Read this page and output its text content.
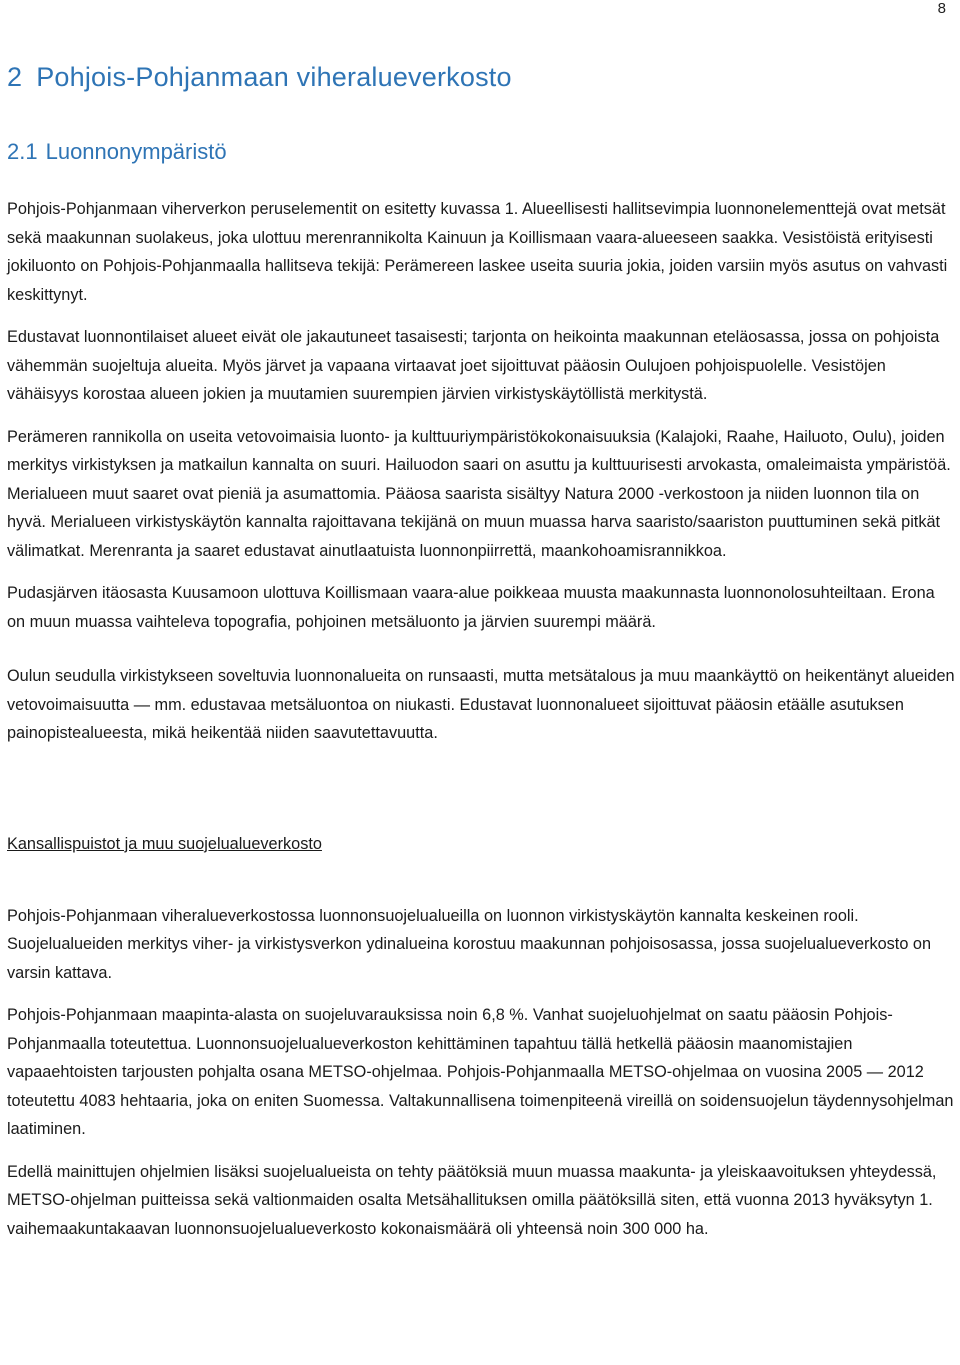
8
2 Pohjois-Pohjanmaan viheralueverkosto
2.1 Luonnonympäristö

Pohjois-Pohjanmaan viherverkon peruselementit on esitetty kuvassa 1. Alueellisesti hallitsevimpia luonnonelementtejä ovat metsät sekä maakunnan suolakeus, joka ulottuu merenrannikolta Kainuun ja Koillismaan vaara-alueeseen saakka. Vesistöistä erityisesti jokiluonto on Pohjois-Pohjanmaalla hallitseva tekijä: Perämereen laskee useita suuria jokia, joiden varsiin myös asutus on vahvasti keskittynyt.

Edustavat luonnontilaiset alueet eivät ole jakautuneet tasaisesti; tarjonta on heikointa maakunnan eteläosassa, jossa on pohjoista vähemmän suojeltuja alueita. Myös järvet ja vapaana virtaavat joet sijoittuvat pääosin Oulujoen pohjoispuolelle. Vesistöjen vähäisyys korostaa alueen jokien ja muutamien suurempien järvien virkistyskäytöllistä merkitystä.

Perämeren rannikolla on useita vetovoimaisia luonto- ja kulttuuriympäristökokonaisuuksia (Kalajoki, Raahe, Hailuoto, Oulu), joiden merkitys virkistyksen ja matkailun kannalta on suuri. Hailuodon saari on asuttu ja kulttuurisesti arvokasta, omaleimaista ympäristöä. Merialueen muut saaret ovat pieniä ja asumattomia. Pääosa saarista sisältyy Natura 2000 -verkostoon ja niiden luonnon tila on hyvä. Merialueen virkistyskäytön kannalta rajoittavana tekijänä on muun muassa harva saaristo/saariston puuttuminen sekä pitkät välimatkat. Merenranta ja saaret edustavat ainutlaatuista luonnonpiirrettä, maankohoamisrannikkoa.

Pudasjärven itäosasta Kuusamoon ulottuva Koillismaan vaara-alue poikkeaa muusta maakunnasta luonnonolosuhteiltaan. Erona on muun muassa vaihteleva topografia, pohjoinen metsäluonto ja järvien suurempi määrä.

Oulun seudulla virkistykseen soveltuvia luonnonalueita on runsaasti, mutta metsätalous ja muu maankäyttö on heikentänyt alueiden vetovoimaisuutta — mm. edustavaa metsäluontoa on niukasti. Edustavat luonnonalueet sijoittuvat pääosin etäälle asutuksen painopistealueesta, mikä heikentää niiden saavutettavuutta.

Kansallispuistot ja muu suojelualueverkosto

Pohjois-Pohjanmaan viheralueverkostossa luonnonsuojelualueilla on luonnon virkistyskäytön kannalta keskeinen rooli. Suojelualueiden merkitys viher- ja virkistysverkon ydinalueina korostuu maakunnan pohjoisosassa, jossa suojelualueverkosto on varsin kattava.

Pohjois-Pohjanmaan maapinta-alasta on suojeluvarauksissa noin 6,8 %. Vanhat suojeluohjelmat on saatu pääosin Pohjois-Pohjanmaalla toteutettua. Luonnonsuojelualueverkoston kehittäminen tapahtuu tällä hetkellä pääosin maanomistajien vapaaehtoisten tarjousten pohjalta osana METSO-ohjelmaa. Pohjois-Pohjanmaalla METSO-ohjelmaa on vuosina 2005 — 2012 toteutettu 4083 hehtaaria, joka on eniten Suomessa. Valtakunnallisena toimenpiteenä vireillä on soidensuojelun täydennysohjelman laatiminen.

Edellä mainittujen ohjelmien lisäksi suojelualueista on tehty päätöksiä muun muassa maakunta- ja yleiskaavoituksen yhteydessä, METSO-ohjelman puitteissa sekä valtionmaiden osalta Metsähallituksen omilla päätöksillä siten, että vuonna 2013 hyväksytyn 1. vaihemaakuntakaavan luonnonsuojelualueverkosto kokonaismäärä oli yhteensä noin 300 000 ha.
